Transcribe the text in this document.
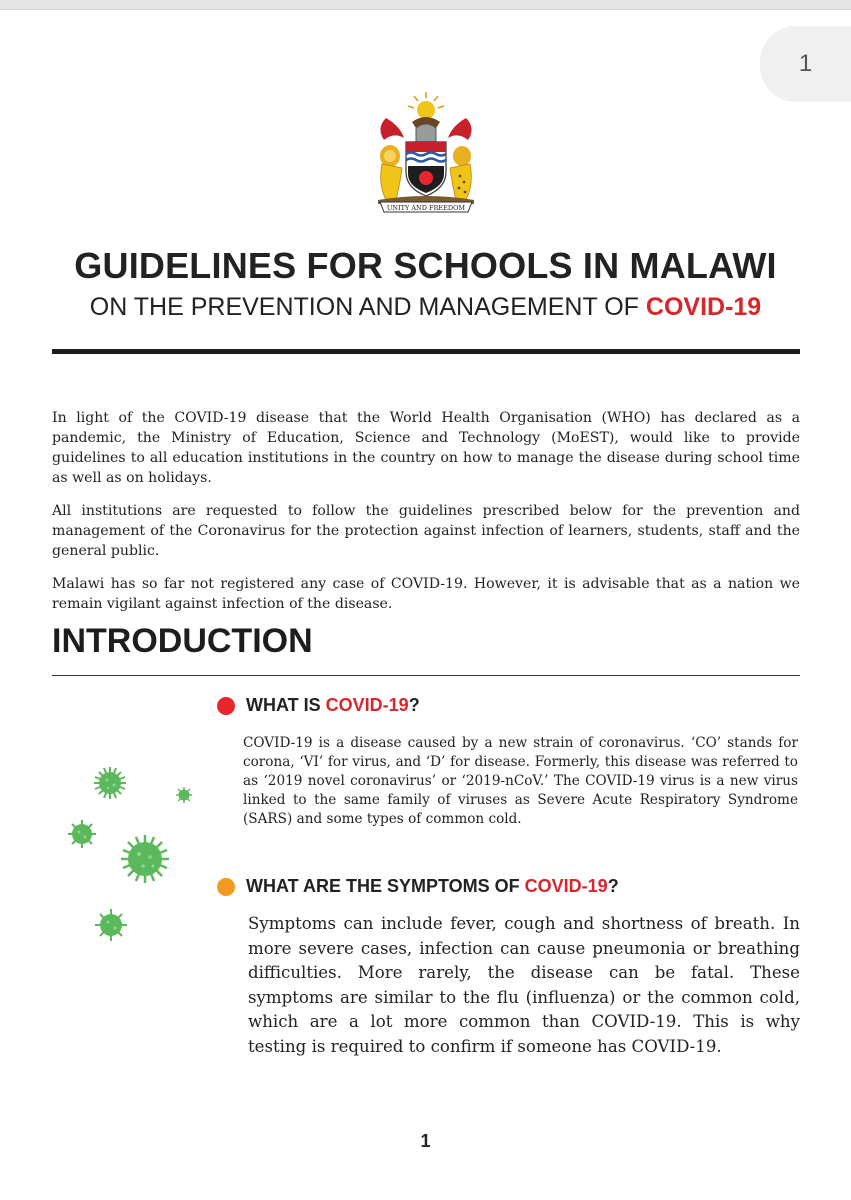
1
UNITY AND FREEDOM
GUIDELINES FOR SCHOOLS IN MALAWI
ON THE PREVENTION AND MANAGEMENT OF COVID-19

In light of the COVID-19 disease that the World Health Organisation (WHO) has declared as a pandemic, the Ministry of Education, Science and Technology (MoEST), would like to provide guidelines to all education institutions in the country on how to manage the disease during school time as well as on holidays.

All institutions are requested to follow the guidelines prescribed below for the prevention and management of the Coronavirus for the protection against infection of learners, students, staff and the general public.

Malawi has so far not registered any case of COVID-19. However, it is advisable that as a nation we remain vigilant against infection of the disease.

INTRODUCTION
WHAT IS COVID-19?
COVID-19 is a disease caused by a new strain of coronavirus. ‘CO’ stands for corona, ‘VI’ for virus, and ‘D’ for disease. Formerly, this disease was referred to as ‘2019 novel coronavirus’ or ‘2019-nCoV.’ The COVID-19 virus is a new virus linked to the same family of viruses as Severe Acute Respiratory Syndrome (SARS) and some types of common cold.
WHAT ARE THE SYMPTOMS OF COVID-19?
Symptoms can include fever, cough and shortness of breath. In more severe cases, infection can cause pneumonia or breathing difficulties. More rarely, the disease can be fatal. These symptoms are similar to the flu (influenza) or the common cold, which are a lot more common than COVID-19. This is why testing is required to confirm if someone has COVID-19.
1
